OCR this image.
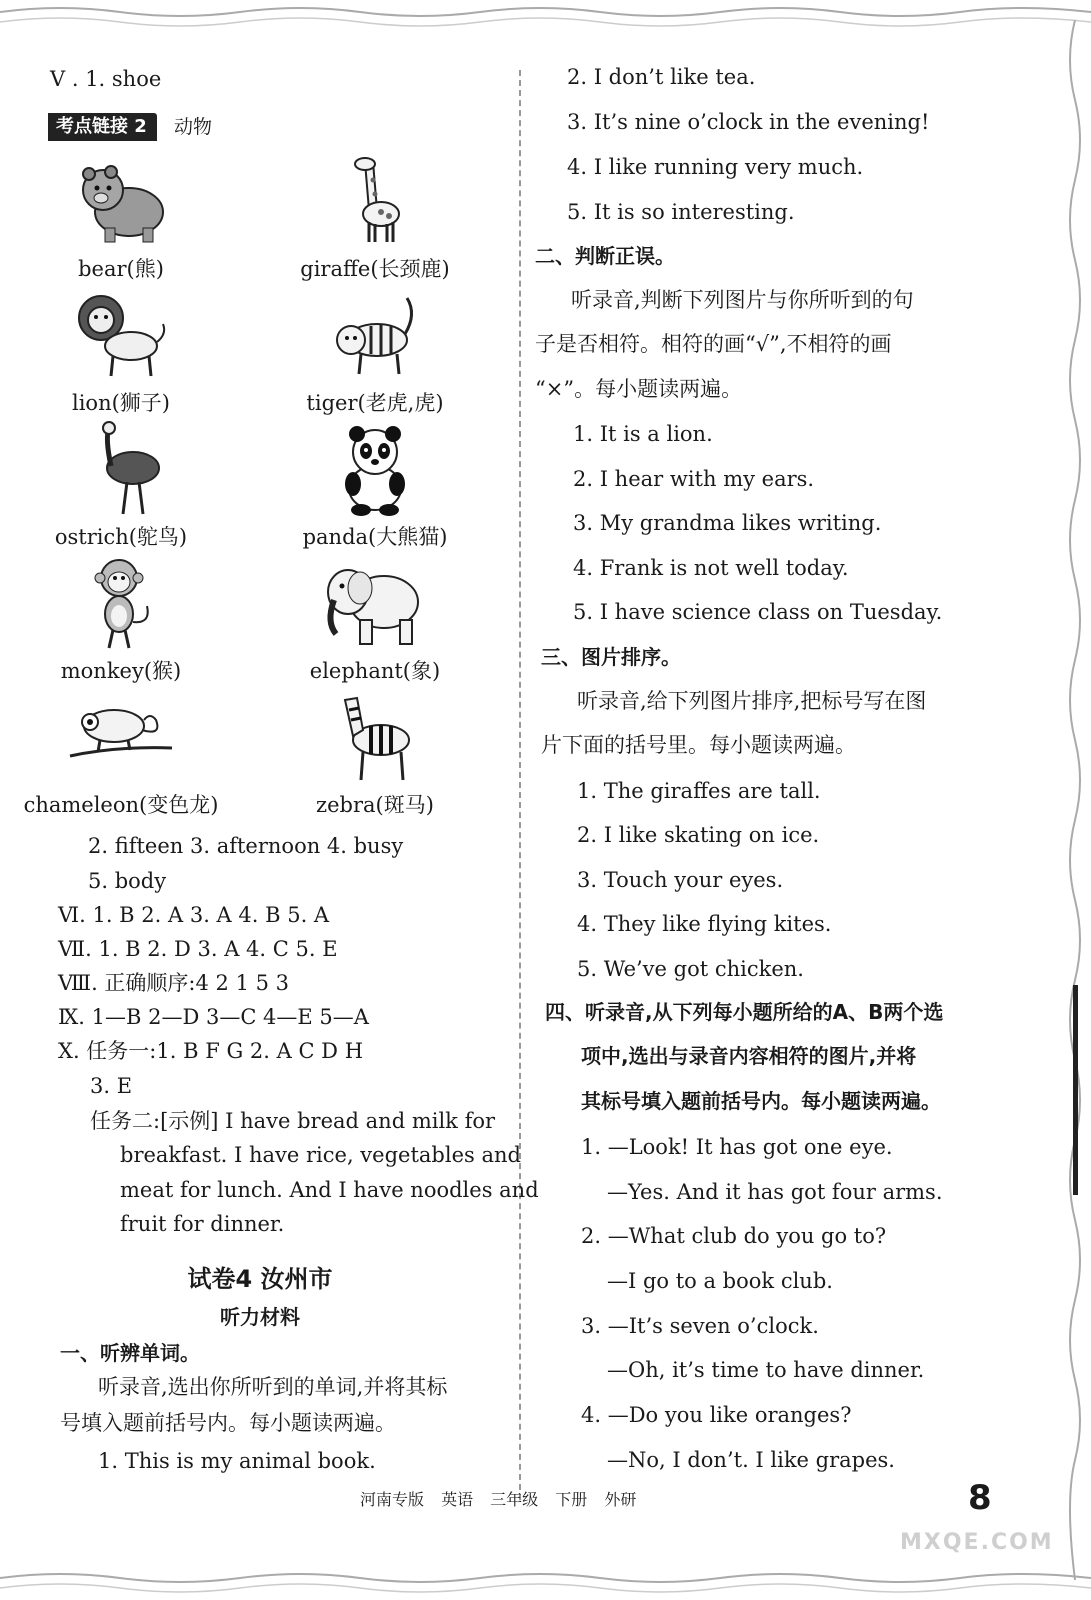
V . 1. shoe
考点链接 2	动物
bear(熊)	giraffe(长颈鹿)
lion(狮子)	tiger(老虎,虎)
ostrich(鸵鸟)	panda(大熊猫)
monkey(猴)	elephant(象)
chameleon(变色龙)	zebra(斑马)
2. fifteen 3. afternoon 4. busy
5. body
Ⅵ. 1. B 2. A 3. A 4. B 5. A
Ⅶ. 1. B 2. D 3. A 4. C 5. E
Ⅷ. 正确顺序:4 2 1 5 3
Ⅸ. 1—B 2—D 3—C 4—E 5—A
Ⅹ. 任务一:1. B F G 2. A C D H
3. E
任务二:[示例] I have bread and milk for
breakfast. I have rice, vegetables and
meat for lunch. And I have noodles and
fruit for dinner.
试卷4 汝州市
听力材料
一、听辨单词。
听录音,选出你所听到的单词,并将其标
号填入题前括号内。每小题读两遍。
1. This is my animal book.
2. I don’t like tea.
3. It’s nine o’clock in the evening!
4. I like running very much.
5. It is so interesting.
二、判断正误。
听录音,判断下列图片与你所听到的句
子是否相符。相符的画“√”,不相符的画
“×”。每小题读两遍。
1. It is a lion.
2. I hear with my ears.
3. My grandma likes writing.
4. Frank is not well today.
5. I have science class on Tuesday.
三、图片排序。
听录音,给下列图片排序,把标号写在图
片下面的括号里。每小题读两遍。
1. The giraffes are tall.
2. I like skating on ice.
3. Touch your eyes.
4. They like flying kites.
5. We’ve got chicken.
四、听录音,从下列每小题所给的A、B两个选
项中,选出与录音内容相符的图片,并将
其标号填入题前括号内。每小题读两遍。
1. —Look! It has got one eye.
—Yes. And it has got four arms.
2. —What club do you go to?
—I go to a book club.
3. —It’s seven o’clock.
—Oh, it’s time to have dinner.
4. —Do you like oranges?
—No, I don’t. I like grapes.
河南专版 英语 三年级 下册 外研	8
MXQE.COM
